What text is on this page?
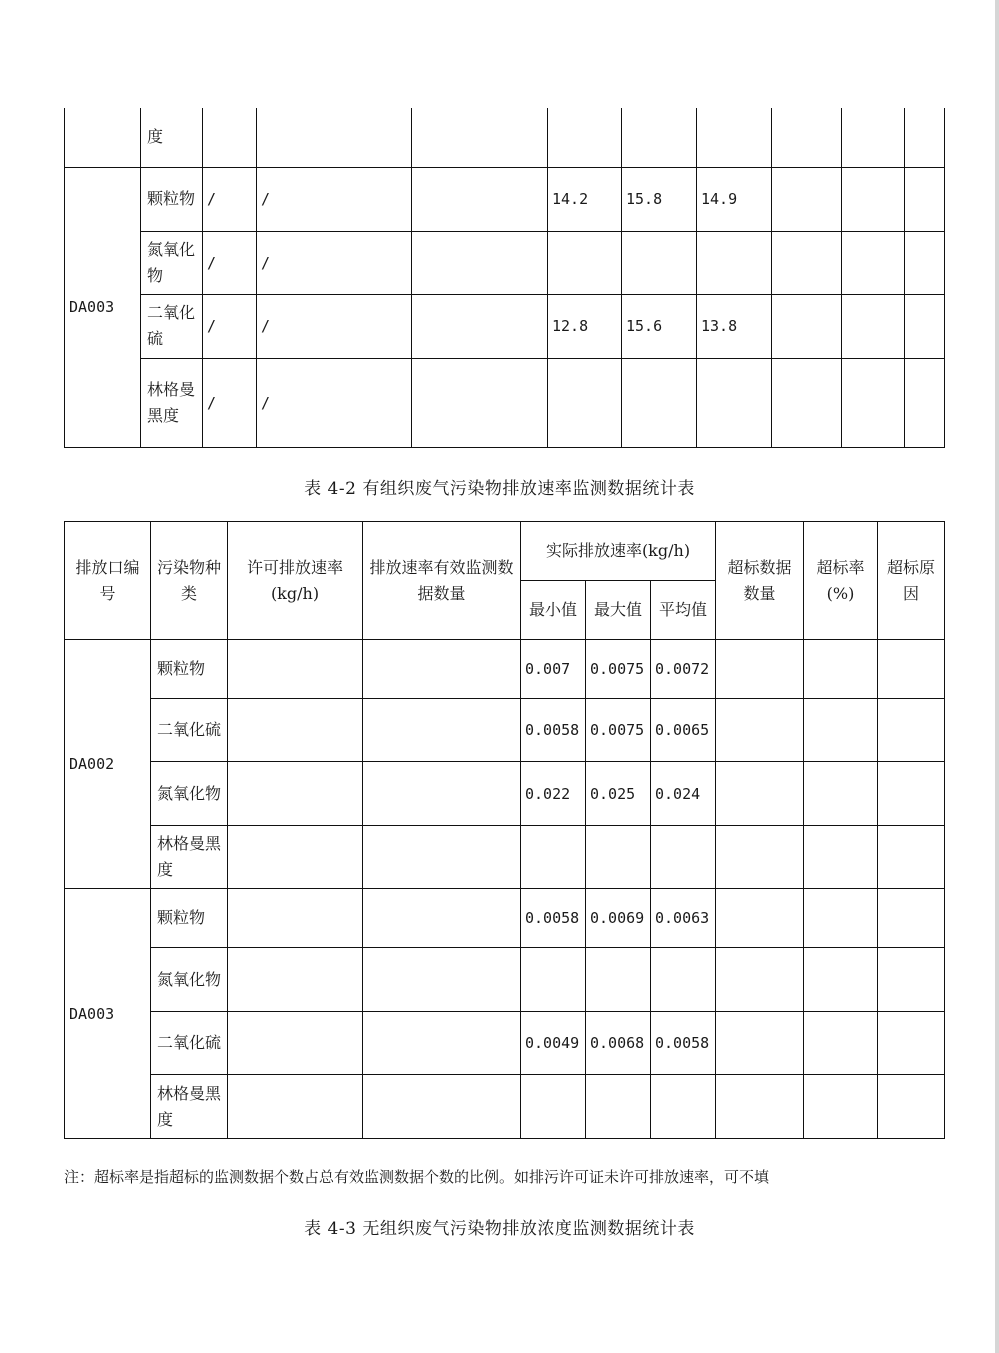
	度									
DA003	颗粒物	/	/		14.2	15.8	14.9			
	氮氧化物	/	/							
	二氧化硫	/	/		12.8	15.6	13.8			
	林格曼黑度	/	/							
表 4-2 有组织废气污染物排放速率监测数据统计表
排放口编号	污染物种类	许可排放速率(kg/h)	排放速率有效监测数据数量	实际排放速率(kg/h)			超标数据数量	超标率(%)	超标原因
				最小值	最大值	平均值			
DA002	颗粒物			0.007	0.0075	0.0072			
	二氧化硫			0.0058	0.0075	0.0065			
	氮氧化物			0.022	0.025	0.024			
	林格曼黑度								
DA003	颗粒物			0.0058	0.0069	0.0063			
	氮氧化物								
	二氧化硫			0.0049	0.0068	0.0058			
	林格曼黑度								
注：超标率是指超标的监测数据个数占总有效监测数据个数的比例。如排污许可证未许可排放速率，可不填
表 4-3 无组织废气污染物排放浓度监测数据统计表
